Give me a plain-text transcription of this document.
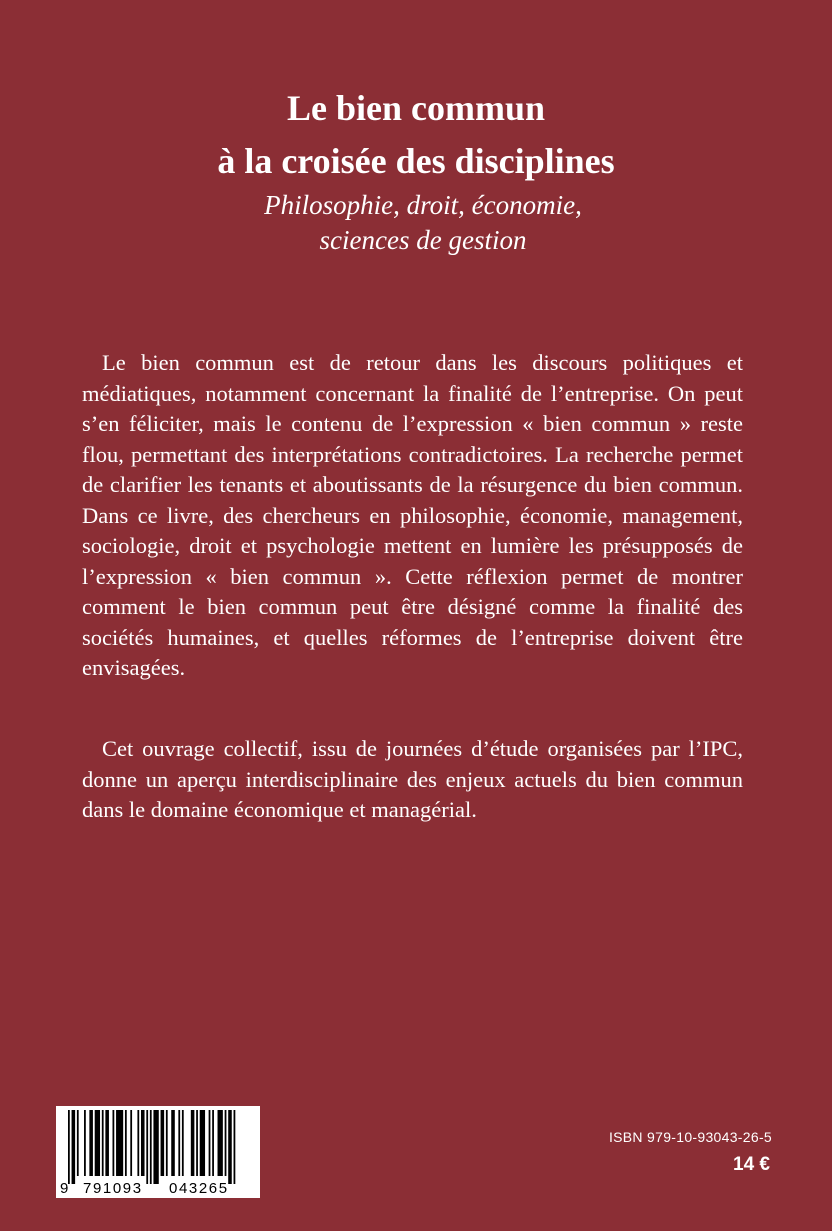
Le bien commun
à la croisée des disciplines
Philosophie, droit, économie,
sciences de gestion

Le bien commun est de retour dans les discours politiques et médiatiques, notamment concernant la finalité de l’entreprise. On peut s’en féliciter, mais le contenu de l’expression « bien commun » reste flou, permettant des interprétations contradictoires. La recherche permet de clarifier les tenants et aboutissants de la résurgence du bien commun. Dans ce livre, des chercheurs en philosophie, économie, management, sociologie, droit et psychologie mettent en lumière les présupposés de l’expression « bien commun ». Cette réflexion permet de montrer comment le bien commun peut être désigné comme la finalité des sociétés humaines, et quelles réformes de l’entreprise doivent être envisagées.

Cet ouvrage collectif, issu de journées d’étude organisées par l’IPC, donne un aperçu interdisciplinaire des enjeux actuels du bien commun dans le domaine économique et managérial.

9 791093 043265
ISBN 979-10-93043-26-5
14 €
